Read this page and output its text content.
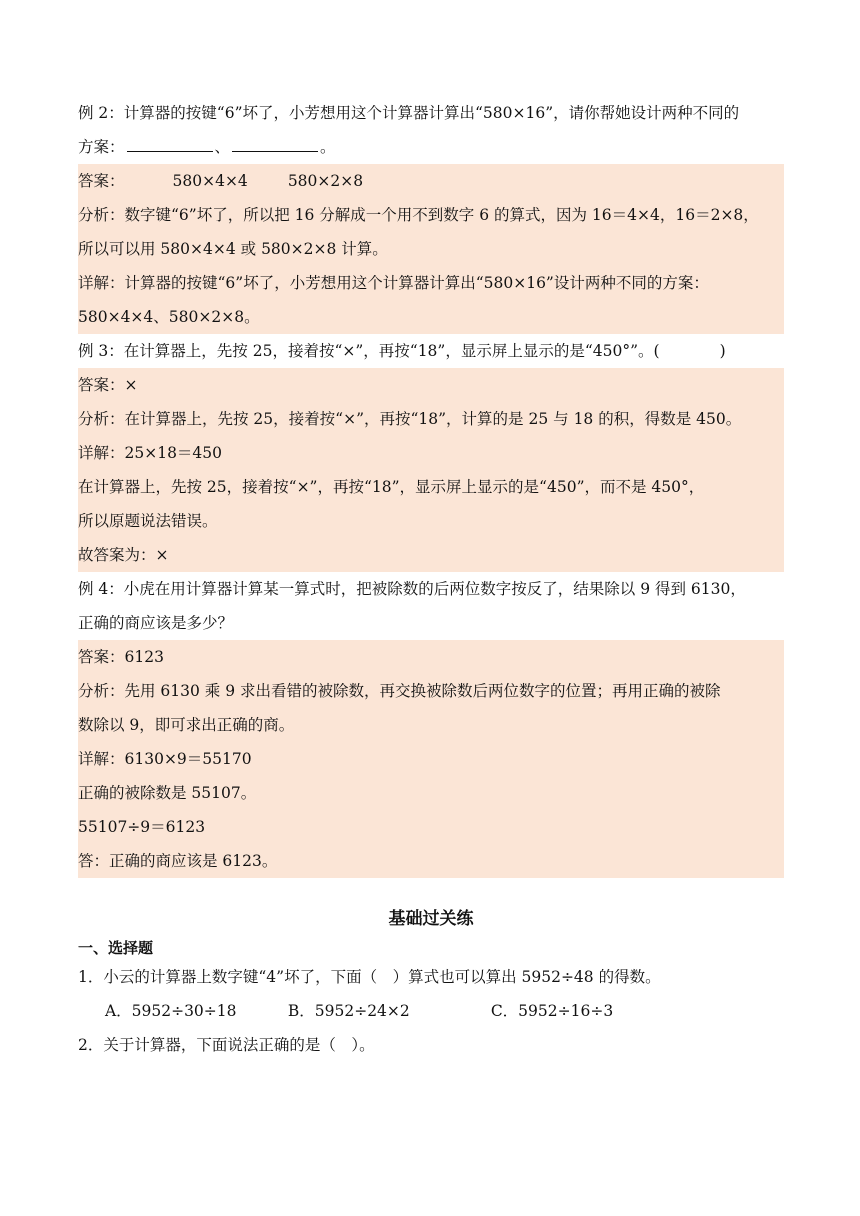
例 2：计算器的按键“6”坏了，小芳想用这个计算器计算出“580×16”，请你帮她设计两种不同的
方案：	、	。
答案：	580×4×4	580×2×8
分析：数字键“6”坏了，所以把 16 分解成一个用不到数字 6 的算式，因为 16＝4×4，16＝2×8，
所以可以用 580×4×4 或 580×2×8 计算。
详解：计算器的按键“6”坏了，小芳想用这个计算器计算出“580×16”设计两种不同的方案：
580×4×4、580×2×8。
例 3：在计算器上，先按 25，接着按“×”，再按“18”，显示屏上显示的是“450°”。(	)
答案：×
分析：在计算器上，先按 25，接着按“×”，再按“18”，计算的是 25 与 18 的积，得数是 450。
详解：25×18＝450
在计算器上，先按 25，接着按“×”，再按“18”，显示屏上显示的是“450”，而不是 450°，
所以原题说法错误。
故答案为：×
例 4：小虎在用计算器计算某一算式时，把被除数的后两位数字按反了，结果除以 9 得到 6130，
正确的商应该是多少？
答案：6123
分析：先用 6130 乘 9 求出看错的被除数，再交换被除数后两位数字的位置；再用正确的被除
数除以 9，即可求出正确的商。
详解：6130×9＝55170
正确的被除数是 55107。
55107÷9＝6123
答：正确的商应该是 6123。
基础过关练
一、选择题
1．小云的计算器上数字键“4”坏了，下面（　）算式也可以算出 5952÷48 的得数。
A．5952÷30÷18	B．5952÷24×2	C．5952÷16÷3
2．关于计算器，下面说法正确的是（　）。
